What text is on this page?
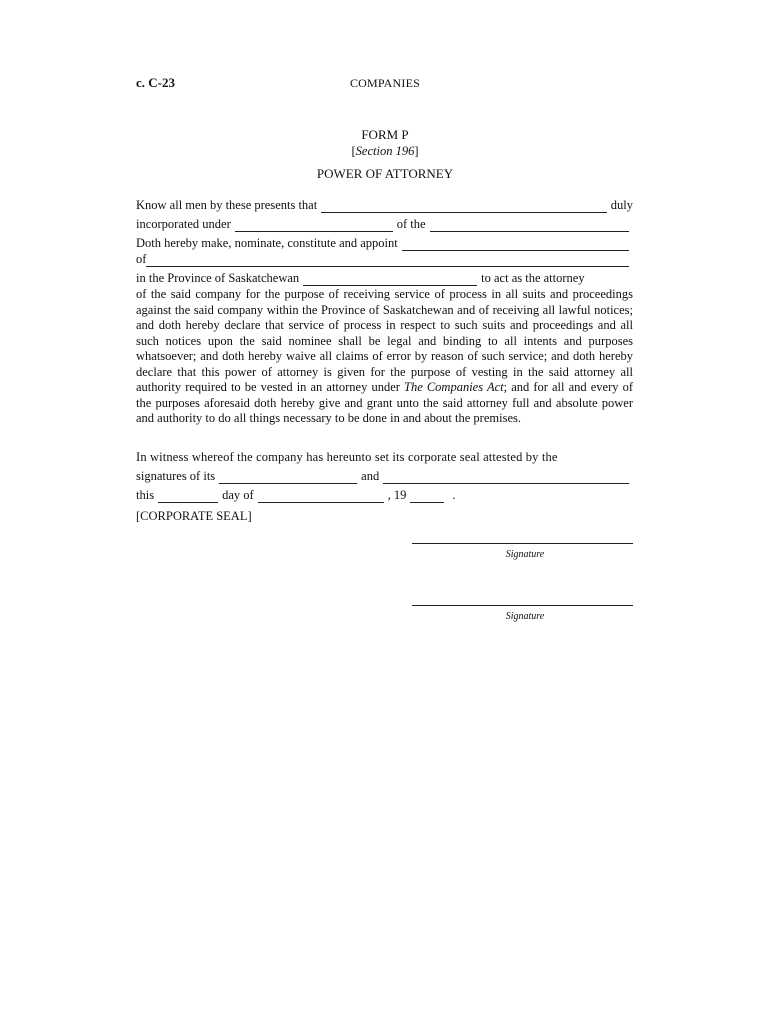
c. C-23	COMPANIES
FORM P
[Section 196]
POWER OF ATTORNEY
Know all men by these presents that	duly
incorporated under	of the
Doth hereby make, nominate, constitute and appoint
of
in the Province of Saskatchewan	to act as the attorney
of the said company for the purpose of receiving service of process in all suits and proceedings against the said company within the Province of Saskatchewan and of receiving all lawful notices; and doth hereby declare that service of process in respect to such suits and proceedings and all such notices upon the said nominee shall be legal and binding to all intents and purposes whatsoever; and doth hereby waive all claims of error by reason of such service; and doth hereby declare that this power of attorney is given for the purpose of vesting in the said attorney all authority required to be vested in an attorney under The Companies Act; and for all and every of the purposes aforesaid doth hereby give and grant unto the said attorney full and absolute power and authority to do all things necessary to be done in and about the premises.
In witness whereof the company has hereunto set its corporate seal attested by the
signatures of its	and
this	day of	, 19	.
[CORPORATE SEAL]
Signature
Signature
